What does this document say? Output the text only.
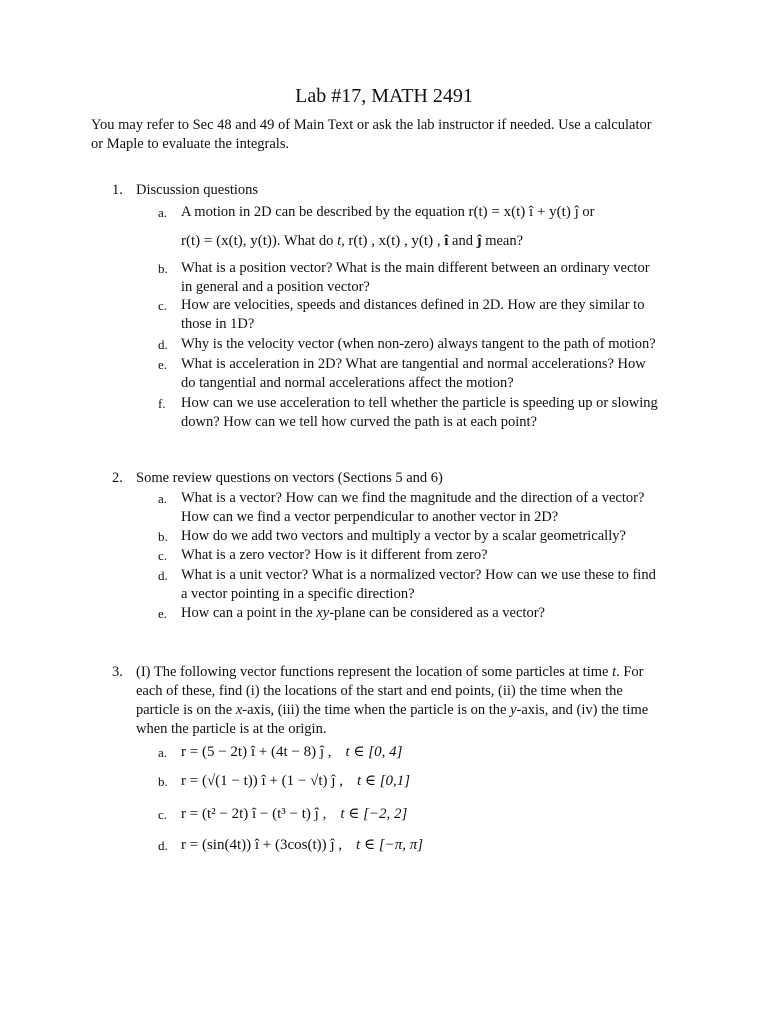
Lab #17, MATH 2491

You may refer to Sec 48 and 49 of Main Text or ask the lab instructor if needed. Use a calculator

or Maple to evaluate the integrals.

1. Discussion questions
a. A motion in 2D can be described by the equation r(t) = x(t) î + y(t) ĵ or
r(t) = (x(t), y(t)). What do t, r(t) , x(t) , y(t) , î and ĵ mean?
b. What is a position vector? What is the main different between an ordinary vector
in general and a position vector?
c. How are velocities, speeds and distances defined in 2D. How are they similar to
those in 1D?
d. Why is the velocity vector (when non-zero) always tangent to the path of motion?
e. What is acceleration in 2D? What are tangential and normal accelerations? How
do tangential and normal accelerations affect the motion?
f.	How can we use acceleration to tell whether the particle is speeding up or slowing
down? How can we tell how curved the path is at each point?
2. Some review questions on vectors (Sections 5 and 6)
a. What is a vector? How can we find the magnitude and the direction of a vector?
How can we find a vector perpendicular to another vector in 2D?
b. How do we add two vectors and multiply a vector by a scalar geometrically?
c. What is a zero vector? How is it different from zero?
d. What is a unit vector? What is a normalized vector? How can we use these to find
a vector pointing in a specific direction?
e. How can a point in the xy-plane can be considered as a vector?
3. (I) The following vector functions represent the location of some particles at time t. For
each of these, find (i) the locations of the start and end points, (ii) the time when the
particle is on the x-axis, (iii) the time when the particle is on the y-axis, and (iv) the time
when the particle is at the origin.
a. r = (5 − 2t) î + (4t − 8) ĵ , t ∈ [0, 4]
b. r = (√(1 − t)) î + (1 − √t) ĵ , t ∈ [0,1]
c. r = (t² − 2t) î − (t³ − t) ĵ , t ∈ [−2, 2]
d. r = (sin(4t)) î + (3cos(t)) ĵ , t ∈ [−π, π]
